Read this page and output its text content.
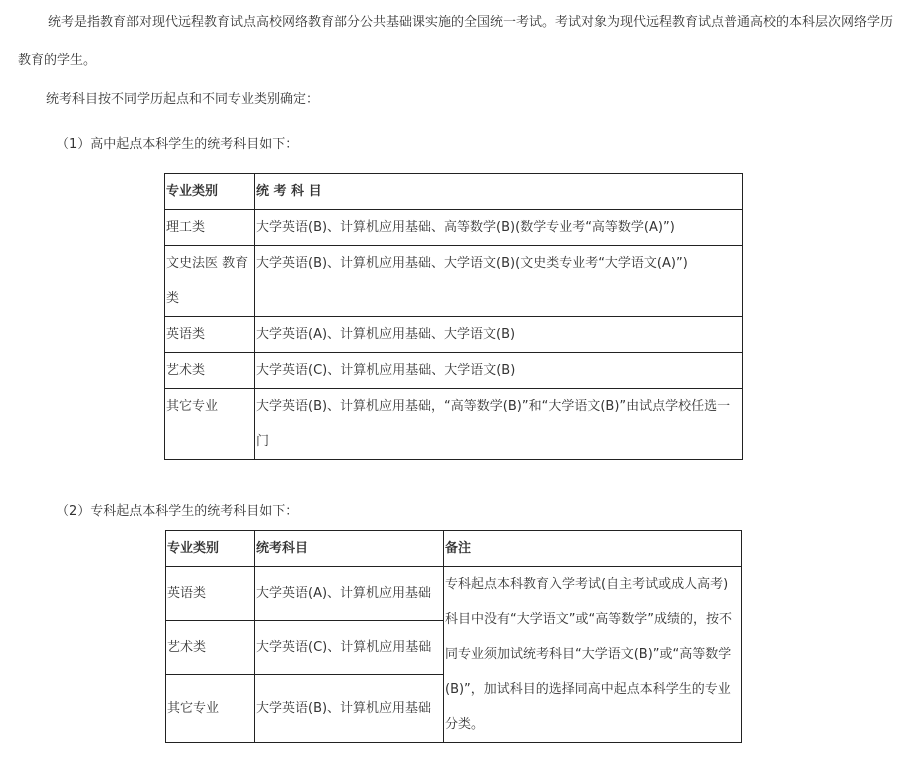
统考是指教育部对现代远程教育试点高校网络教育部分公共基础课实施的全国统一考试。考试对象为现代远程教育试点普通高校的本科层次网络学历教育的学生。

统考科目按不同学历起点和不同专业类别确定：

（1）高中起点本科学生的统考科目如下：

专业类别	统 考 科 目
理工类	大学英语(B)、计算机应用基础、高等数学(B)(数学专业考“高等数学(A)”)
文史法医 教育类	大学英语(B)、计算机应用基础、大学语文(B)(文史类专业考“大学语文(A)”)
英语类	大学英语(A)、计算机应用基础、大学语文(B)
艺术类	大学英语(C)、计算机应用基础、大学语文(B)
其它专业	大学英语(B)、计算机应用基础，“高等数学(B)”和“大学语文(B)”由试点学校任选一门

（2）专科起点本科学生的统考科目如下：

专业类别	统考科目	备注
英语类	大学英语(A)、计算机应用基础	专科起点本科教育入学考试(自主考试或成人高考)科目中没有“大学语文”或“高等数学”成绩的，按不同专业须加试统考科目“大学语文(B)”或“高等数学(B)”，加试科目的选择同高中起点本科学生的专业分类。
艺术类	大学英语(C)、计算机应用基础	
其它专业	大学英语(B)、计算机应用基础	
